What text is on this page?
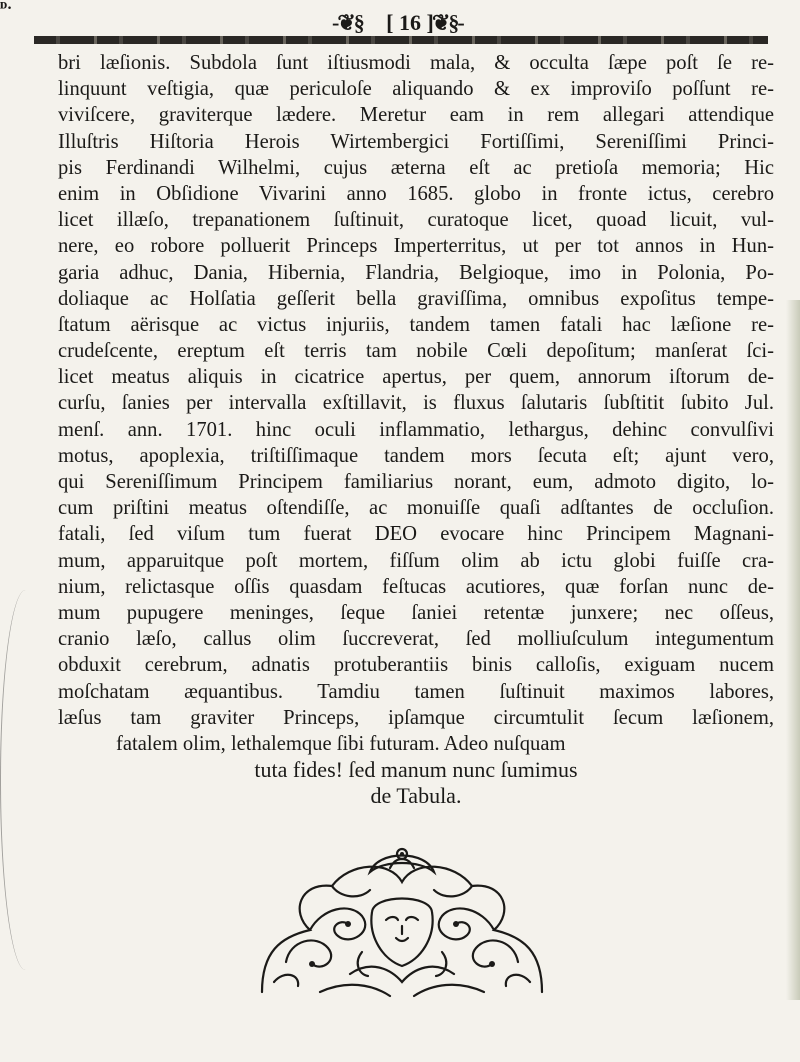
ᴰ·
-❦§ [ 16 ]
❦§-
bri læſionis. Subdola ſunt iſtiusmodi mala, & occulta ſæpe poſt ſe re-
linquunt veſtigia, quæ periculoſe aliquando & ex improviſo poſſunt re-
viviſcere, graviterque lædere. Meretur eam in rem allegari attendique
Illuſtris Hiſtoria Herois Wirtembergici Fortiſſimi, Sereniſſimi Princi-
pis Ferdinandi Wilhelmi, cujus æterna eſt ac pretioſa memoria; Hic
enim in Obſidione Vivarini anno 1685. globo in fronte ictus, cerebro
licet illæſo, trepanationem ſuſtinuit, curatoque licet, quoad licuit, vul-
nere, eo robore polluerit Princeps Imperterritus, ut per tot annos in Hun-
garia adhuc, Dania, Hibernia, Flandria, Belgioque, imo in Polonia, Po-
doliaque ac Holſatia geſſerit bella graviſſima, omnibus expoſitus tempe-
ſtatum aërisque ac victus injuriis, tandem tamen fatali hac læſione re-
crudeſcente, ereptum eſt terris tam nobile Cœli depoſitum; manſerat ſci-
licet meatus aliquis in cicatrice apertus, per quem, annorum iſtorum de-
curſu, ſanies per intervalla exſtillavit, is fluxus ſalutaris ſubſtitit ſubito Jul.
menſ. ann. 1701. hinc oculi inflammatio, lethargus, dehinc convulſivi
motus, apoplexia, triſtiſſimaque tandem mors ſecuta eſt; ajunt vero,
qui Sereniſſimum Principem familiarius norant, eum, admoto digito, lo-
cum priſtini meatus oſtendiſſe, ac monuiſſe quaſi adſtantes de occluſion.
fatali, ſed viſum tum fuerat DEO evocare hinc Principem Magnani-
mum, apparuitque poſt mortem, fiſſum olim ab ictu globi fuiſſe cra-
nium, relictasque oſſis quasdam feſtucas acutiores, quæ forſan nunc de-
mum pupugere meninges, ſeque ſaniei retentæ junxere; nec oſſeus,
cranio læſo, callus olim ſuccreverat, ſed molliuſculum integumentum
obduxit cerebrum, adnatis protuberantiis binis calloſis, exiguam nucem
moſchatam æquantibus. Tamdiu tamen ſuſtinuit maximos labores,
læſus tam graviter Princeps, ipſamque circumtulit ſecum læſionem,
fatalem olim, lethalemque ſibi futuram. Adeo nuſquam
tuta fides! ſed manum nunc ſumimus
de Tabula.
